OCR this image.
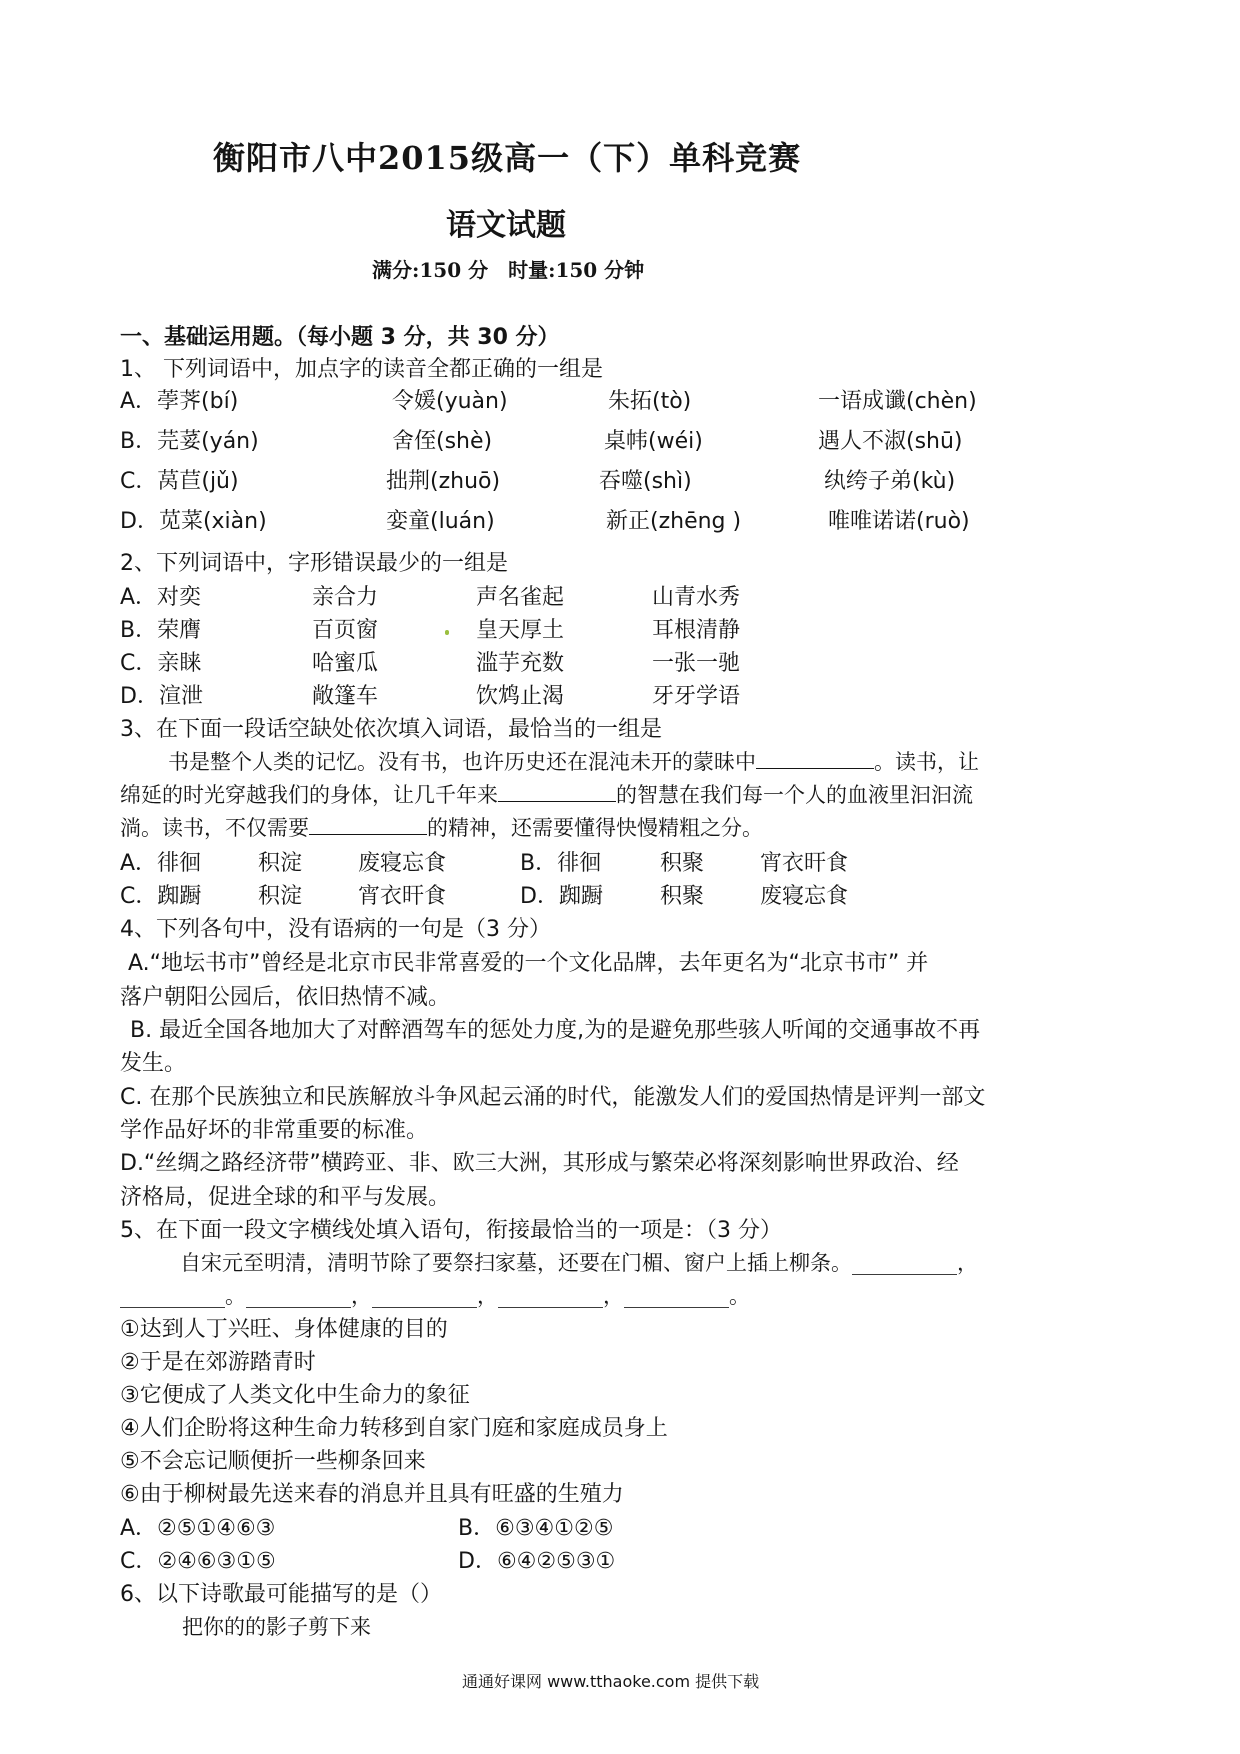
衡阳市八中2015级高一（下）单科竞赛
语文试题
满分:150 分　时量:150 分钟
一、基础运用题。（每小题 3 分，共 30 分）
1、 下列词语中，加点字的读音全都正确的一组是
A．荸荠(bí)	令媛(yuàn)	朱拓(tò)	一语成谶(chèn)
B．芫荽(yán)	舍侄(shè)	桌帏(wéi)	遇人不淑(shū)
C．莴苣(jǔ)	拙荆(zhuō)	吞噬(shì)	纨绔子弟(kù)
D．苋菜(xiàn)	娈童(luán)	新正(zhēng )	唯唯诺诺(ruò)
2、下列词语中，字形错误最少的一组是
A．对奕	亲合力	声名雀起	山青水秀
B．荣膺	百页窗	皇天厚土	耳根清静
C．亲睐	哈蜜瓜	滥芋充数	一张一驰
D．渲泄	敞篷车	饮鸩止渴	牙牙学语
3、在下面一段话空缺处依次填入词语，最恰当的一组是
书是整个人类的记忆。没有书，也许历史还在混沌未开的蒙昧中	。读书，让
绵延的时光穿越我们的身体，让几千年来	的智慧在我们每一个人的血液里汩汩流
淌。读书，不仅需要	的精神，还需要懂得快慢精粗之分。
A．徘徊	积淀	废寝忘食	B．徘徊	积聚	宵衣旰食
C．踟蹰	积淀	宵衣旰食	D．踟蹰	积聚	废寝忘食
4、下列各句中，没有语病的一句是（3 分）
A.“地坛书市”曾经是北京市民非常喜爱的一个文化品牌，去年更名为“北京书市” 并
落户朝阳公园后，依旧热情不减。
B. 最近全国各地加大了对醉酒驾车的惩处力度,为的是避免那些骇人听闻的交通事故不再
发生。
C. 在那个民族独立和民族解放斗争风起云涌的时代，能激发人们的爱国热情是评判一部文
学作品好坏的非常重要的标准。
D.“丝绸之路经济带”横跨亚、非、欧三大洲，其形成与繁荣必将深刻影响世界政治、经
济格局，促进全球的和平与发展。
5、在下面一段文字横线处填入语句，衔接最恰当的一项是：（3 分）
自宋元至明清，清明节除了要祭扫家墓，还要在门楣、窗户上插上柳条。__________，
__________。__________，__________，__________，__________。
①达到人丁兴旺、身体健康的目的
②于是在郊游踏青时
③它便成了人类文化中生命力的象征
④人们企盼将这种生命力转移到自家门庭和家庭成员身上
⑤不会忘记顺便折一些柳条回来
⑥由于柳树最先送来春的消息并且具有旺盛的生殖力
A．②⑤①④⑥③	B．⑥③④①②⑤
C．②④⑥③①⑤	D．⑥④②⑤③①
6、以下诗歌最可能描写的是（）
把你的的影子剪下来
通通好课网 www.tthaoke.com 提供下载
